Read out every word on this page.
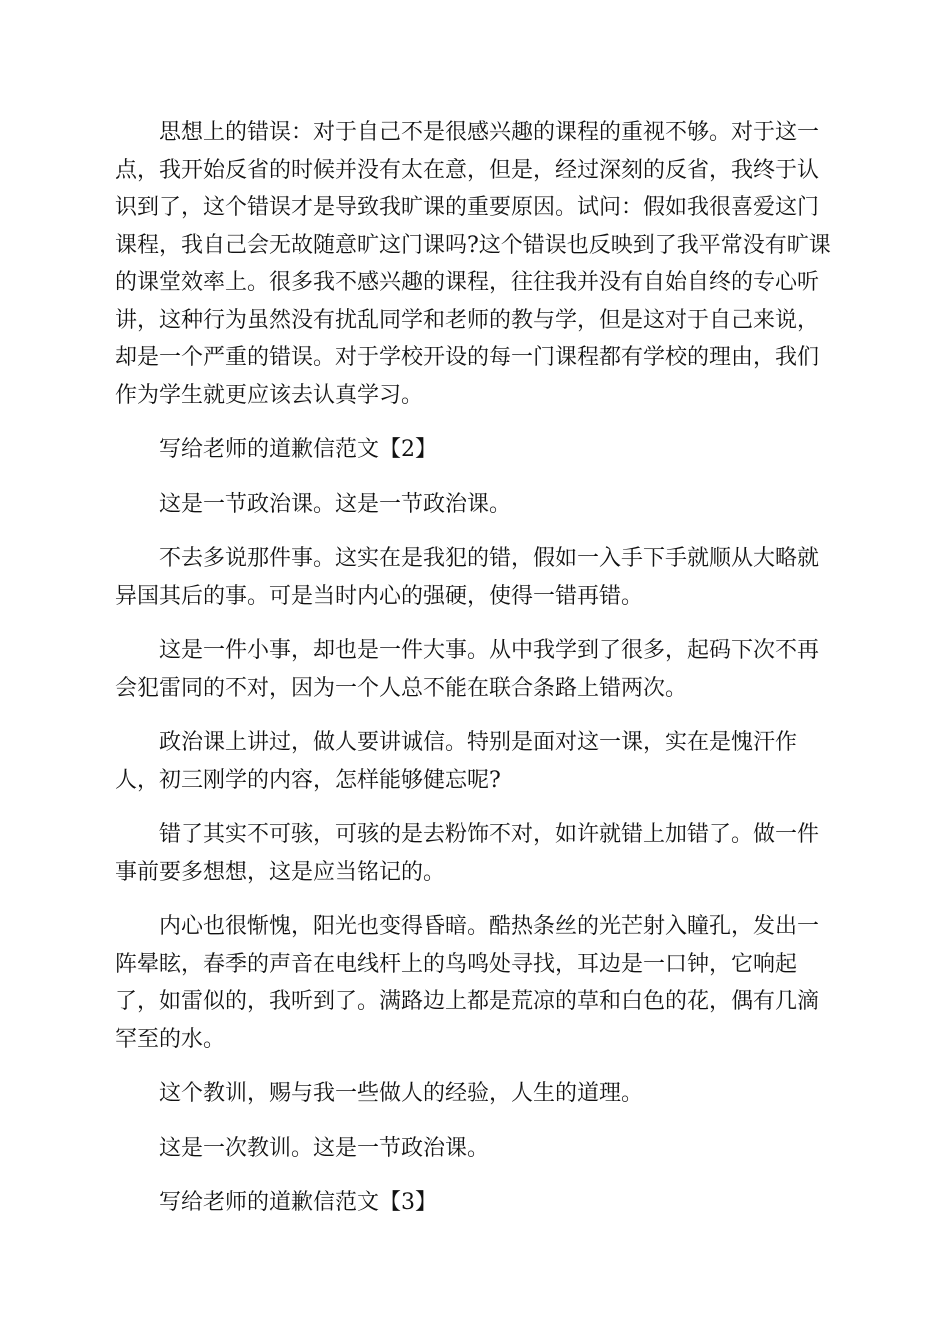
思想上的错误：对于自己不是很感兴趣的课程的重视不够。对于这一点，我开始反省的时候并没有太在意，但是，经过深刻的反省，我终于认识到了，这个错误才是导致我旷课的重要原因。试问：假如我很喜爱这门课程，我自己会无故随意旷这门课吗?这个错误也反映到了我平常没有旷课的课堂效率上。很多我不感兴趣的课程，往往我并没有自始自终的专心听讲，这种行为虽然没有扰乱同学和老师的教与学，但是这对于自己来说，却是一个严重的错误。对于学校开设的每一门课程都有学校的理由，我们作为学生就更应该去认真学习。

写给老师的道歉信范文【2】

这是一节政治课。这是一节政治课。

不去多说那件事。这实在是我犯的错，假如一入手下手就顺从大略就异国其后的事。可是当时内心的强硬，使得一错再错。

这是一件小事，却也是一件大事。从中我学到了很多，起码下次不再会犯雷同的不对，因为一个人总不能在联合条路上错两次。

政治课上讲过，做人要讲诚信。特别是面对这一课，实在是愧汗作人，初三刚学的内容，怎样能够健忘呢?

错了其实不可骇，可骇的是去粉饰不对，如许就错上加错了。做一件事前要多想想，这是应当铭记的。

内心也很惭愧，阳光也变得昏暗。酷热条丝的光芒射入瞳孔，发出一阵晕眩，春季的声音在电线杆上的鸟鸣处寻找，耳边是一口钟，它响起了，如雷似的，我听到了。满路边上都是荒凉的草和白色的花，偶有几滴罕至的水。

这个教训，赐与我一些做人的经验，人生的道理。

这是一次教训。这是一节政治课。

写给老师的道歉信范文【3】
